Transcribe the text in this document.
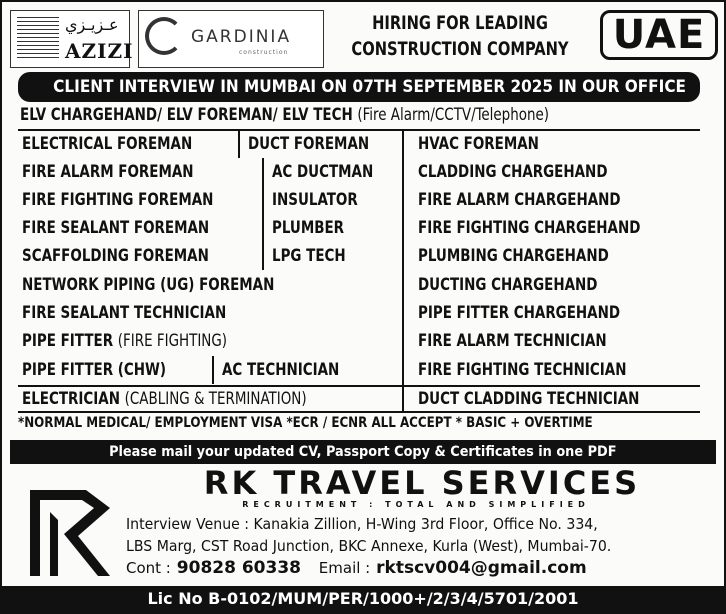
عـزيـزي
AZIZI
GARDINIA
construction
HIRING FOR LEADING
CONSTRUCTION COMPANY	UAE
CLIENT INTERVIEW IN MUMBAI ON 07TH SEPTEMBER 2025 IN OUR OFFICE
ELV CHARGEHAND/ ELV FOREMAN/ ELV TECH (Fire Alarm/CCTV/Telephone)
ELECTRICAL FOREMAN
FIRE ALARM FOREMAN
FIRE FIGHTING FOREMAN
FIRE SEALANT FOREMAN
SCAFFOLDING FOREMAN
DUCT FOREMAN
AC DUCTMAN
INSULATOR
PLUMBER
LPG TECH
NETWORK PIPING (UG) FOREMAN
FIRE SEALANT TECHNICIAN
PIPE FITTER (FIRE FIGHTING)
PIPE FITTER (CHW)	AC TECHNICIAN
ELECTRICIAN (CABLING & TERMINATION)
HVAC FOREMAN
CLADDING CHARGEHAND
FIRE ALARM CHARGEHAND
FIRE FIGHTING CHARGEHAND
PLUMBING CHARGEHAND
DUCTING CHARGEHAND
PIPE FITTER CHARGEHAND
FIRE ALARM TECHNICIAN
FIRE FIGHTING TECHNICIAN
DUCT CLADDING TECHNICIAN
*NORMAL MEDICAL/ EMPLOYMENT VISA *ECR / ECNR ALL ACCEPT * BASIC + OVERTIME
Please mail your updated CV, Passport Copy & Certificates in one PDF
RK TRAVEL SERVICES
RECRUITMENT : TOTAL AND SIMPLIFIED
Interview Venue : Kanakia Zillion, H-Wing 3rd Floor, Office No. 334,
LBS Marg, CST Road Junction, BKC Annexe, Kurla (West), Mumbai-70.
Cont : 90828 60338 Email : rktscv004@gmail.com
Lic No B-0102/MUM/PER/1000+/2/3/4/5701/2001
